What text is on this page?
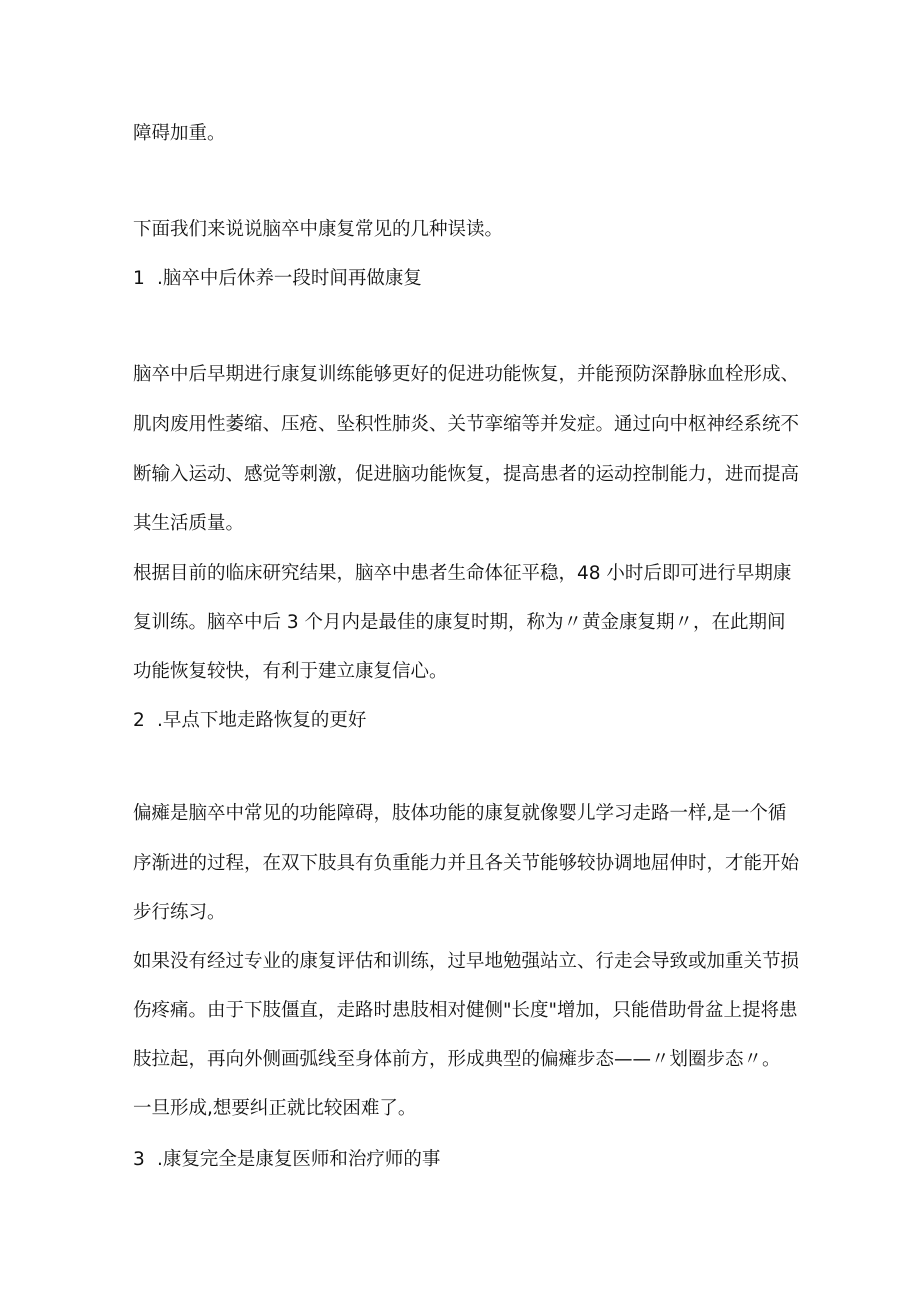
障碍加重。
下面我们来说说脑卒中康复常见的几种误读。
1 .脑卒中后休养一段时间再做康复
脑卒中后早期进行康复训练能够更好的促进功能恢复，并能预防深静脉血栓形成、
肌肉废用性萎缩、压疮、坠积性肺炎、关节挛缩等并发症。通过向中枢神经系统不
断输入运动、感觉等刺激，促进脑功能恢复，提高患者的运动控制能力，进而提高
其生活质量。
根据目前的临床研究结果，脑卒中患者生命体征平稳，48 小时后即可进行早期康
复训练。脑卒中后 3 个月内是最佳的康复时期，称为〃黄金康复期〃，在此期间
功能恢复较快，有利于建立康复信心。
2 .早点下地走路恢复的更好
偏瘫是脑卒中常见的功能障碍，肢体功能的康复就像婴儿学习走路一样,是一个循
序渐进的过程，在双下肢具有负重能力并且各关节能够较协调地屈伸时，才能开始
步行练习。
如果没有经过专业的康复评估和训练，过早地勉强站立、行走会导致或加重关节损
伤疼痛。由于下肢僵直，走路时患肢相对健侧"长度"增加，只能借助骨盆上提将患
肢拉起，再向外侧画弧线至身体前方，形成典型的偏瘫步态——〃划圈步态〃。
一旦形成,想要纠正就比较困难了。
3 .康复完全是康复医师和治疗师的事
